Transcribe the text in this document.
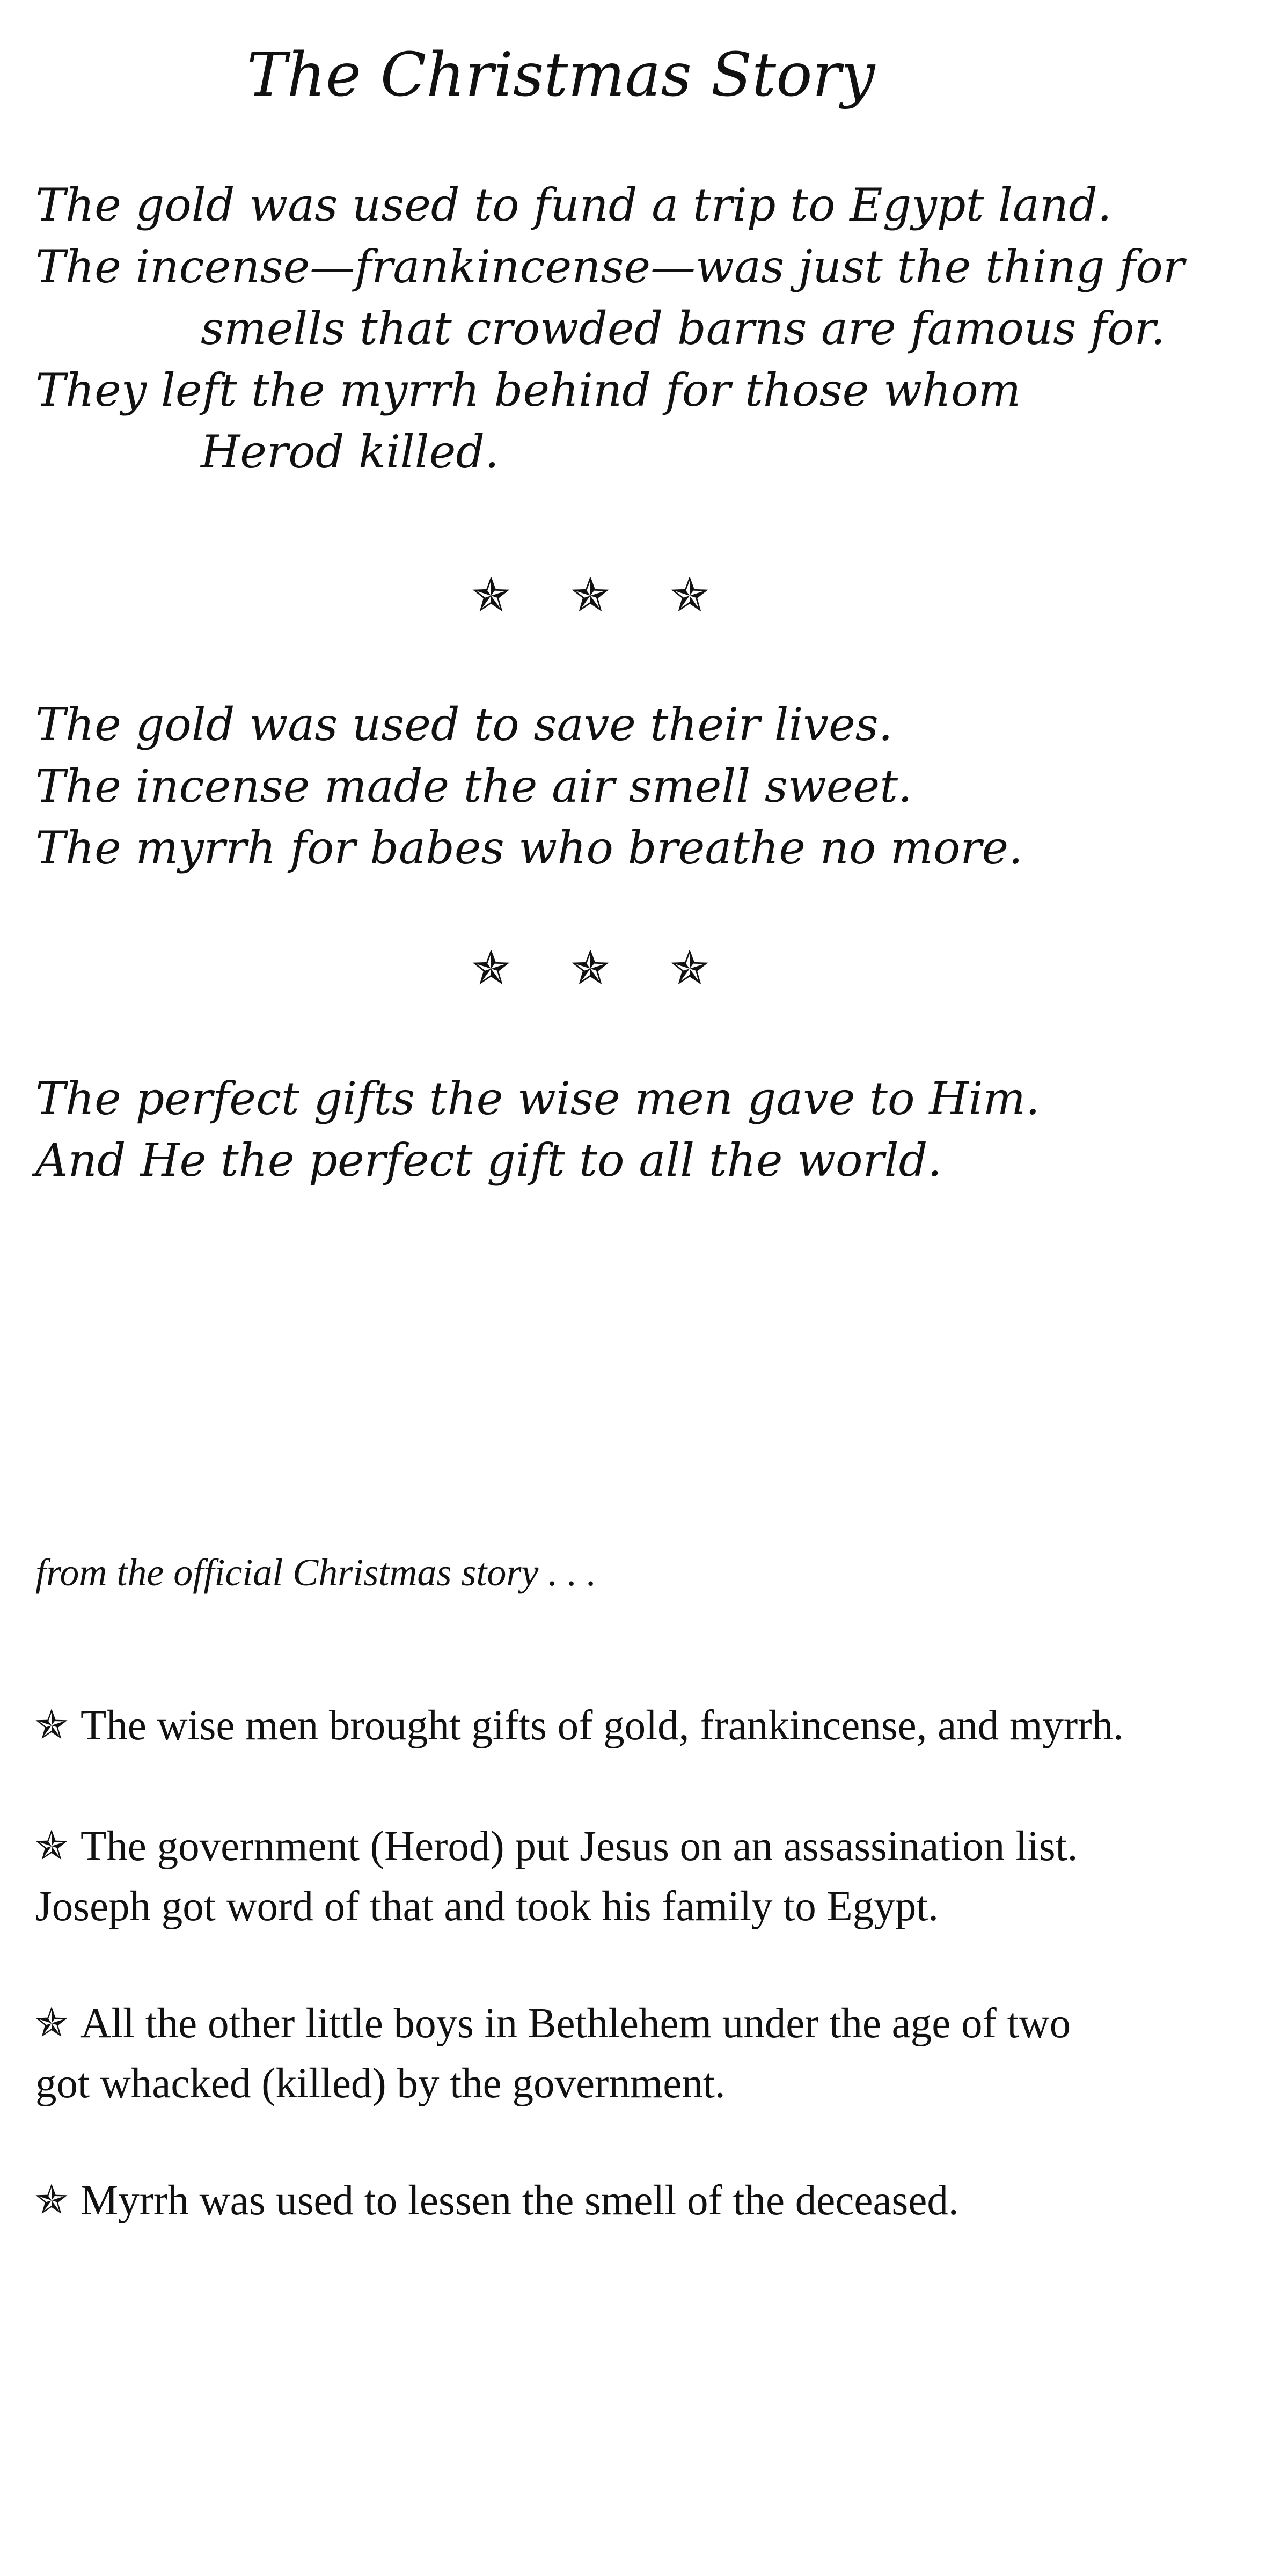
The Christmas Story
The gold was used to fund a trip to Egypt land.
The incense—frankincense—was just the thing for
smells that crowded barns are famous for.
They left the myrrh behind for those whom
Herod killed.
The gold was used to save their lives.
The incense made the air smell sweet.
The myrrh for babes who breathe no more.
The perfect gifts the wise men gave to Him.
And He the perfect gift to all the world.

from the official Christmas story . . .

The wise men brought gifts of gold, frankincense, and myrrh.
The government (Herod) put Jesus on an assassination list.
Joseph got word of that and took his family to Egypt.
All the other little boys in Bethlehem under the age of two
got whacked (killed) by the government.
Myrrh was used to lessen the smell of the deceased.
